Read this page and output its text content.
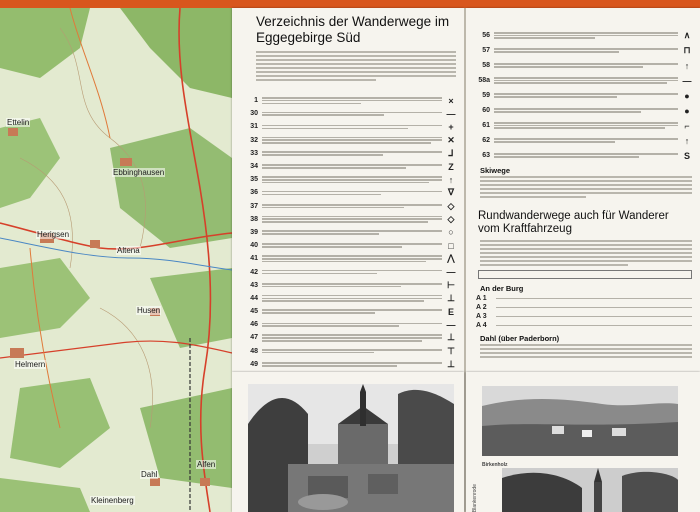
Ettelin
Ebbinghausen
Herigsen
Altena
Husen
Helmern
Dahl
Alfen
Kleinenberg
Verzeichnis der Wanderwege im Eggegebirge Süd
1	×
30	—
31	+
32	✕
33	⅃
34	Z
35	↑
36	∇
37	◇
38	◇
39	○
40	□
41	⋀
42	—
43	⊢
44	⊥
45	E
46	—
47	⊥
48	⊤
49	⊥
56	∧
57	⊓
58	↑
58a	—
59	●
60	●
61	⌐
62	↑
63	S
Skiwege
Rundwanderwege auch für Wanderer vom Kraftfahrzeug
An der Burg
A 1
A 2
A 3
A 4
Dahl (über Paderborn)
Birkenholz
Blankenrode
